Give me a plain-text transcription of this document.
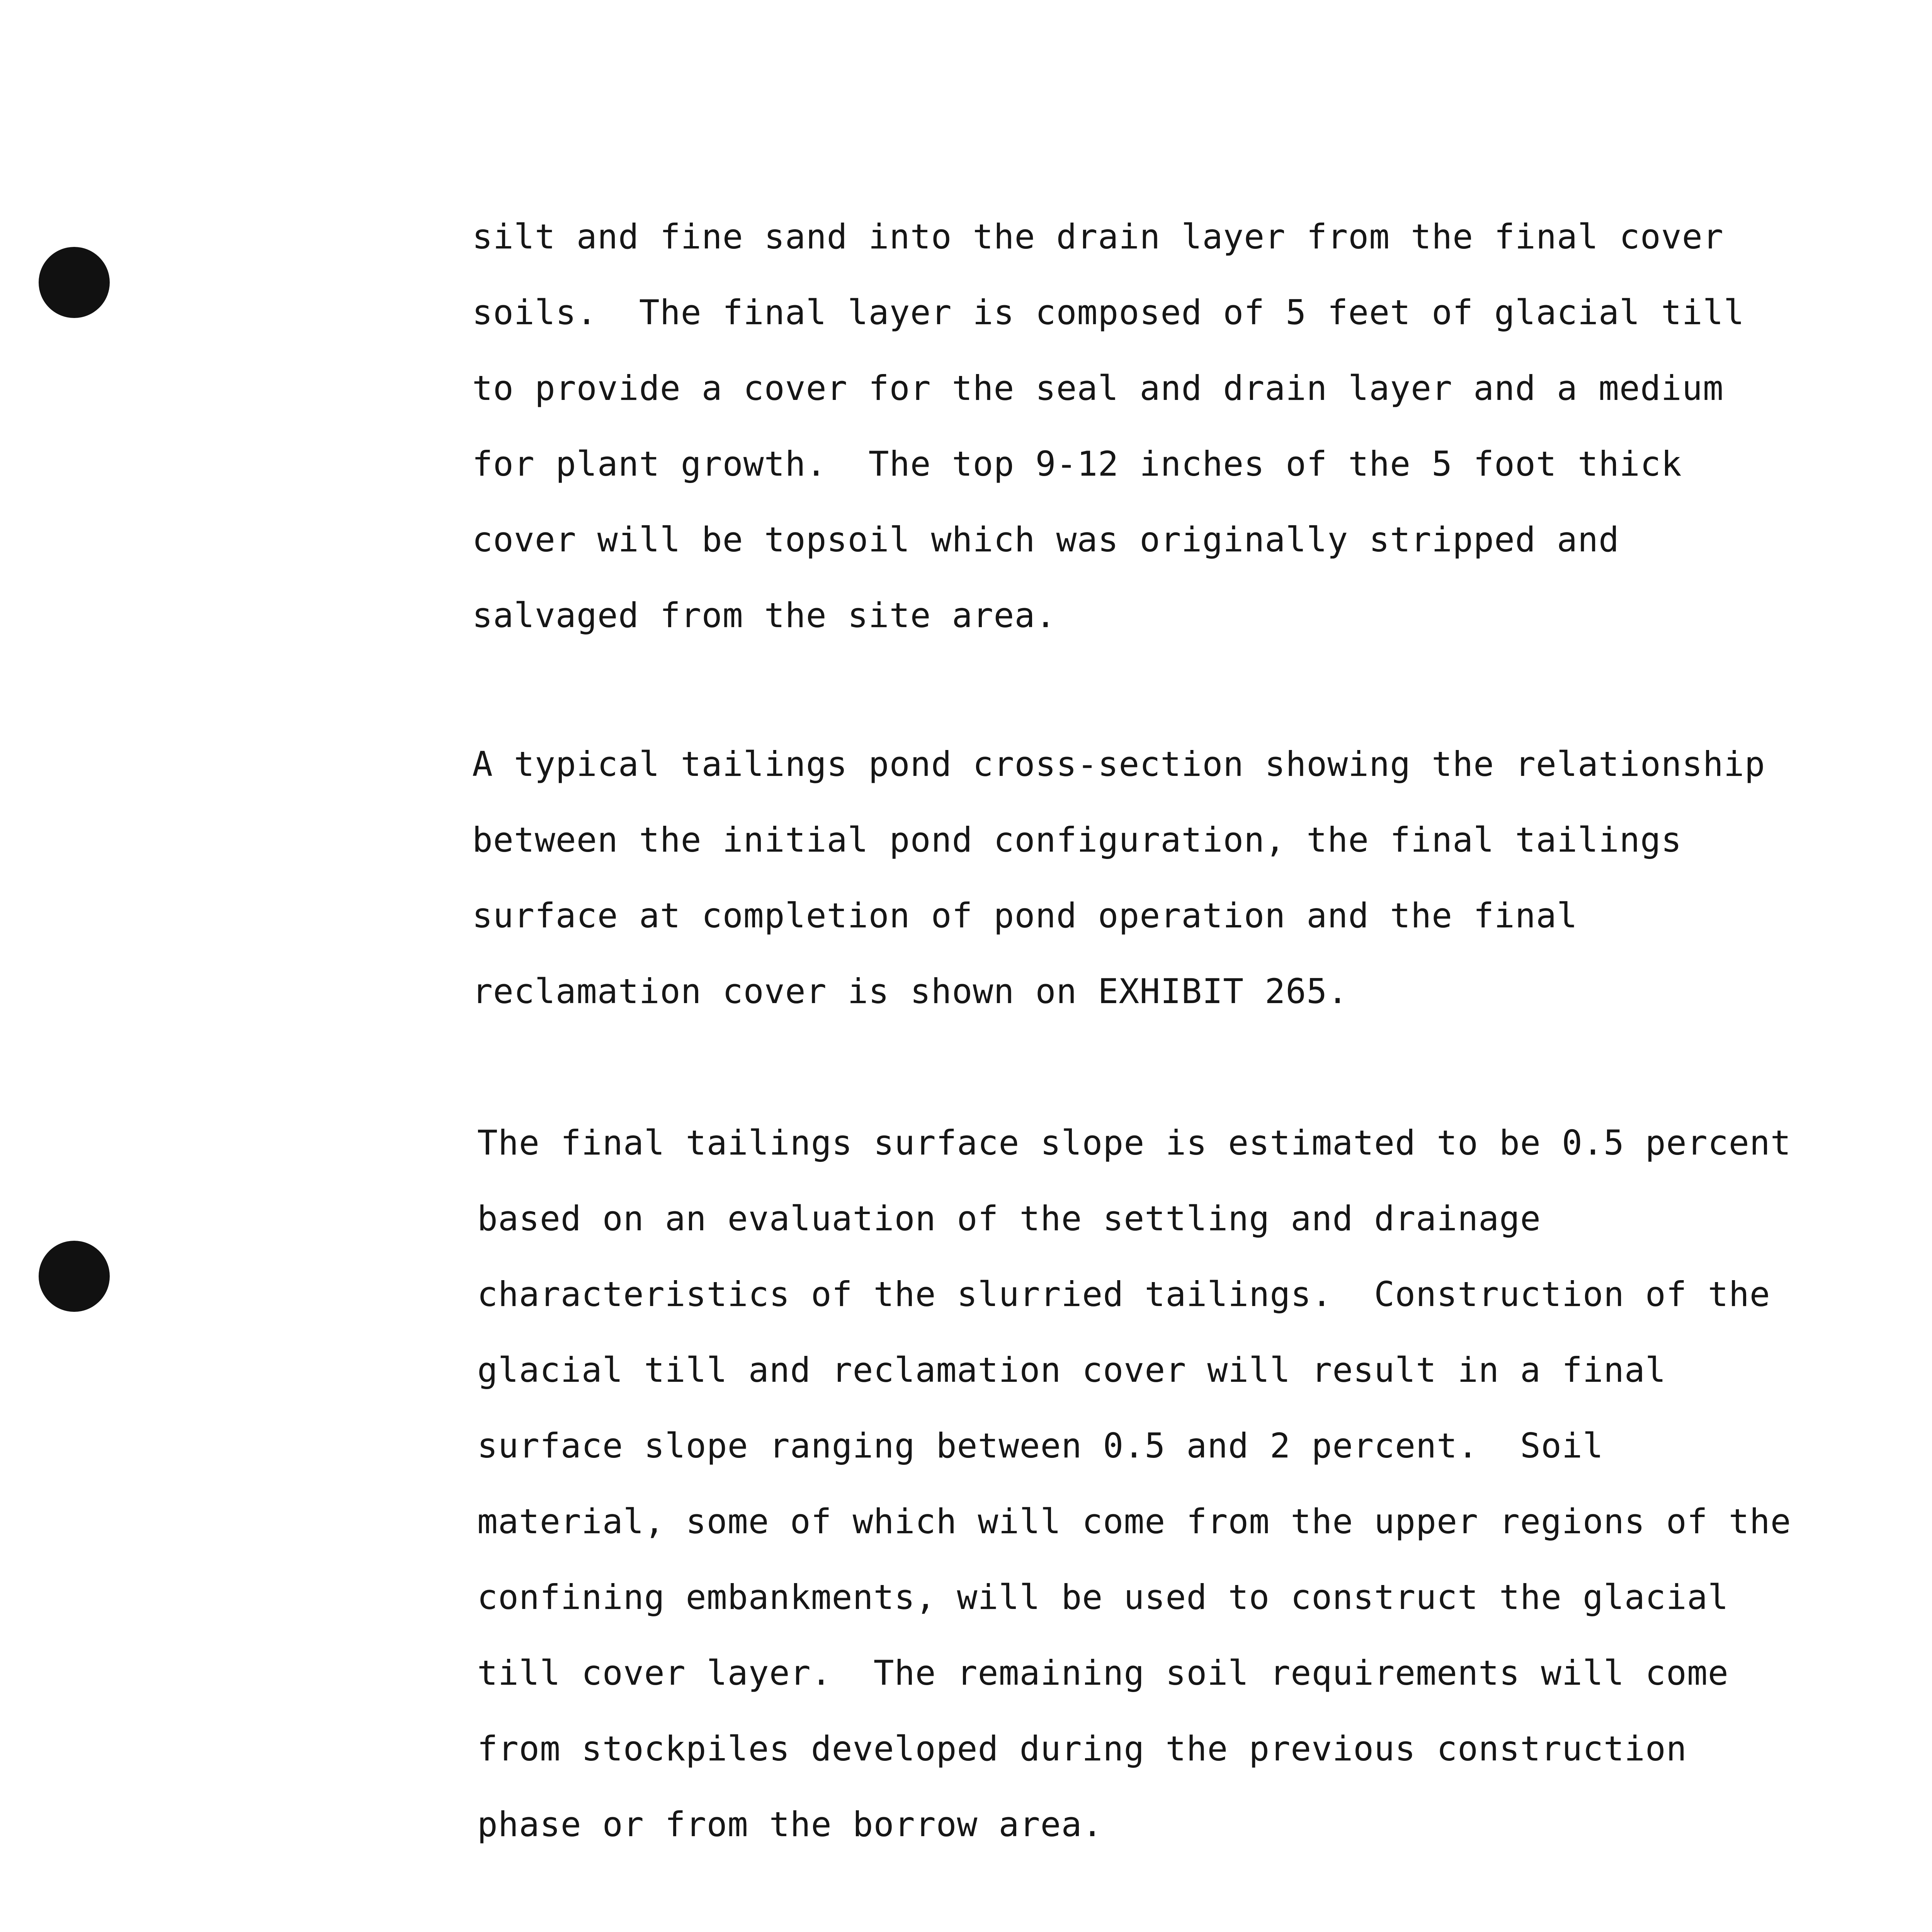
silt and fine sand into the drain layer from the final cover
soils.  The final layer is composed of 5 feet of glacial till
to provide a cover for the seal and drain layer and a medium
for plant growth.  The top 9-12 inches of the 5 foot thick
cover will be topsoil which was originally stripped and
salvaged from the site area.

A typical tailings pond cross-section showing the relationship
between the initial pond configuration, the final tailings
surface at completion of pond operation and the final
reclamation cover is shown on EXHIBIT 265.

The final tailings surface slope is estimated to be 0.5 percent
based on an evaluation of the settling and drainage
characteristics of the slurried tailings.  Construction of the
glacial till and reclamation cover will result in a final
surface slope ranging between 0.5 and 2 percent.  Soil
material, some of which will come from the upper regions of the
confining embankments, will be used to construct the glacial
till cover layer.  The remaining soil requirements will come
from stockpiles developed during the previous construction
phase or from the borrow area.
